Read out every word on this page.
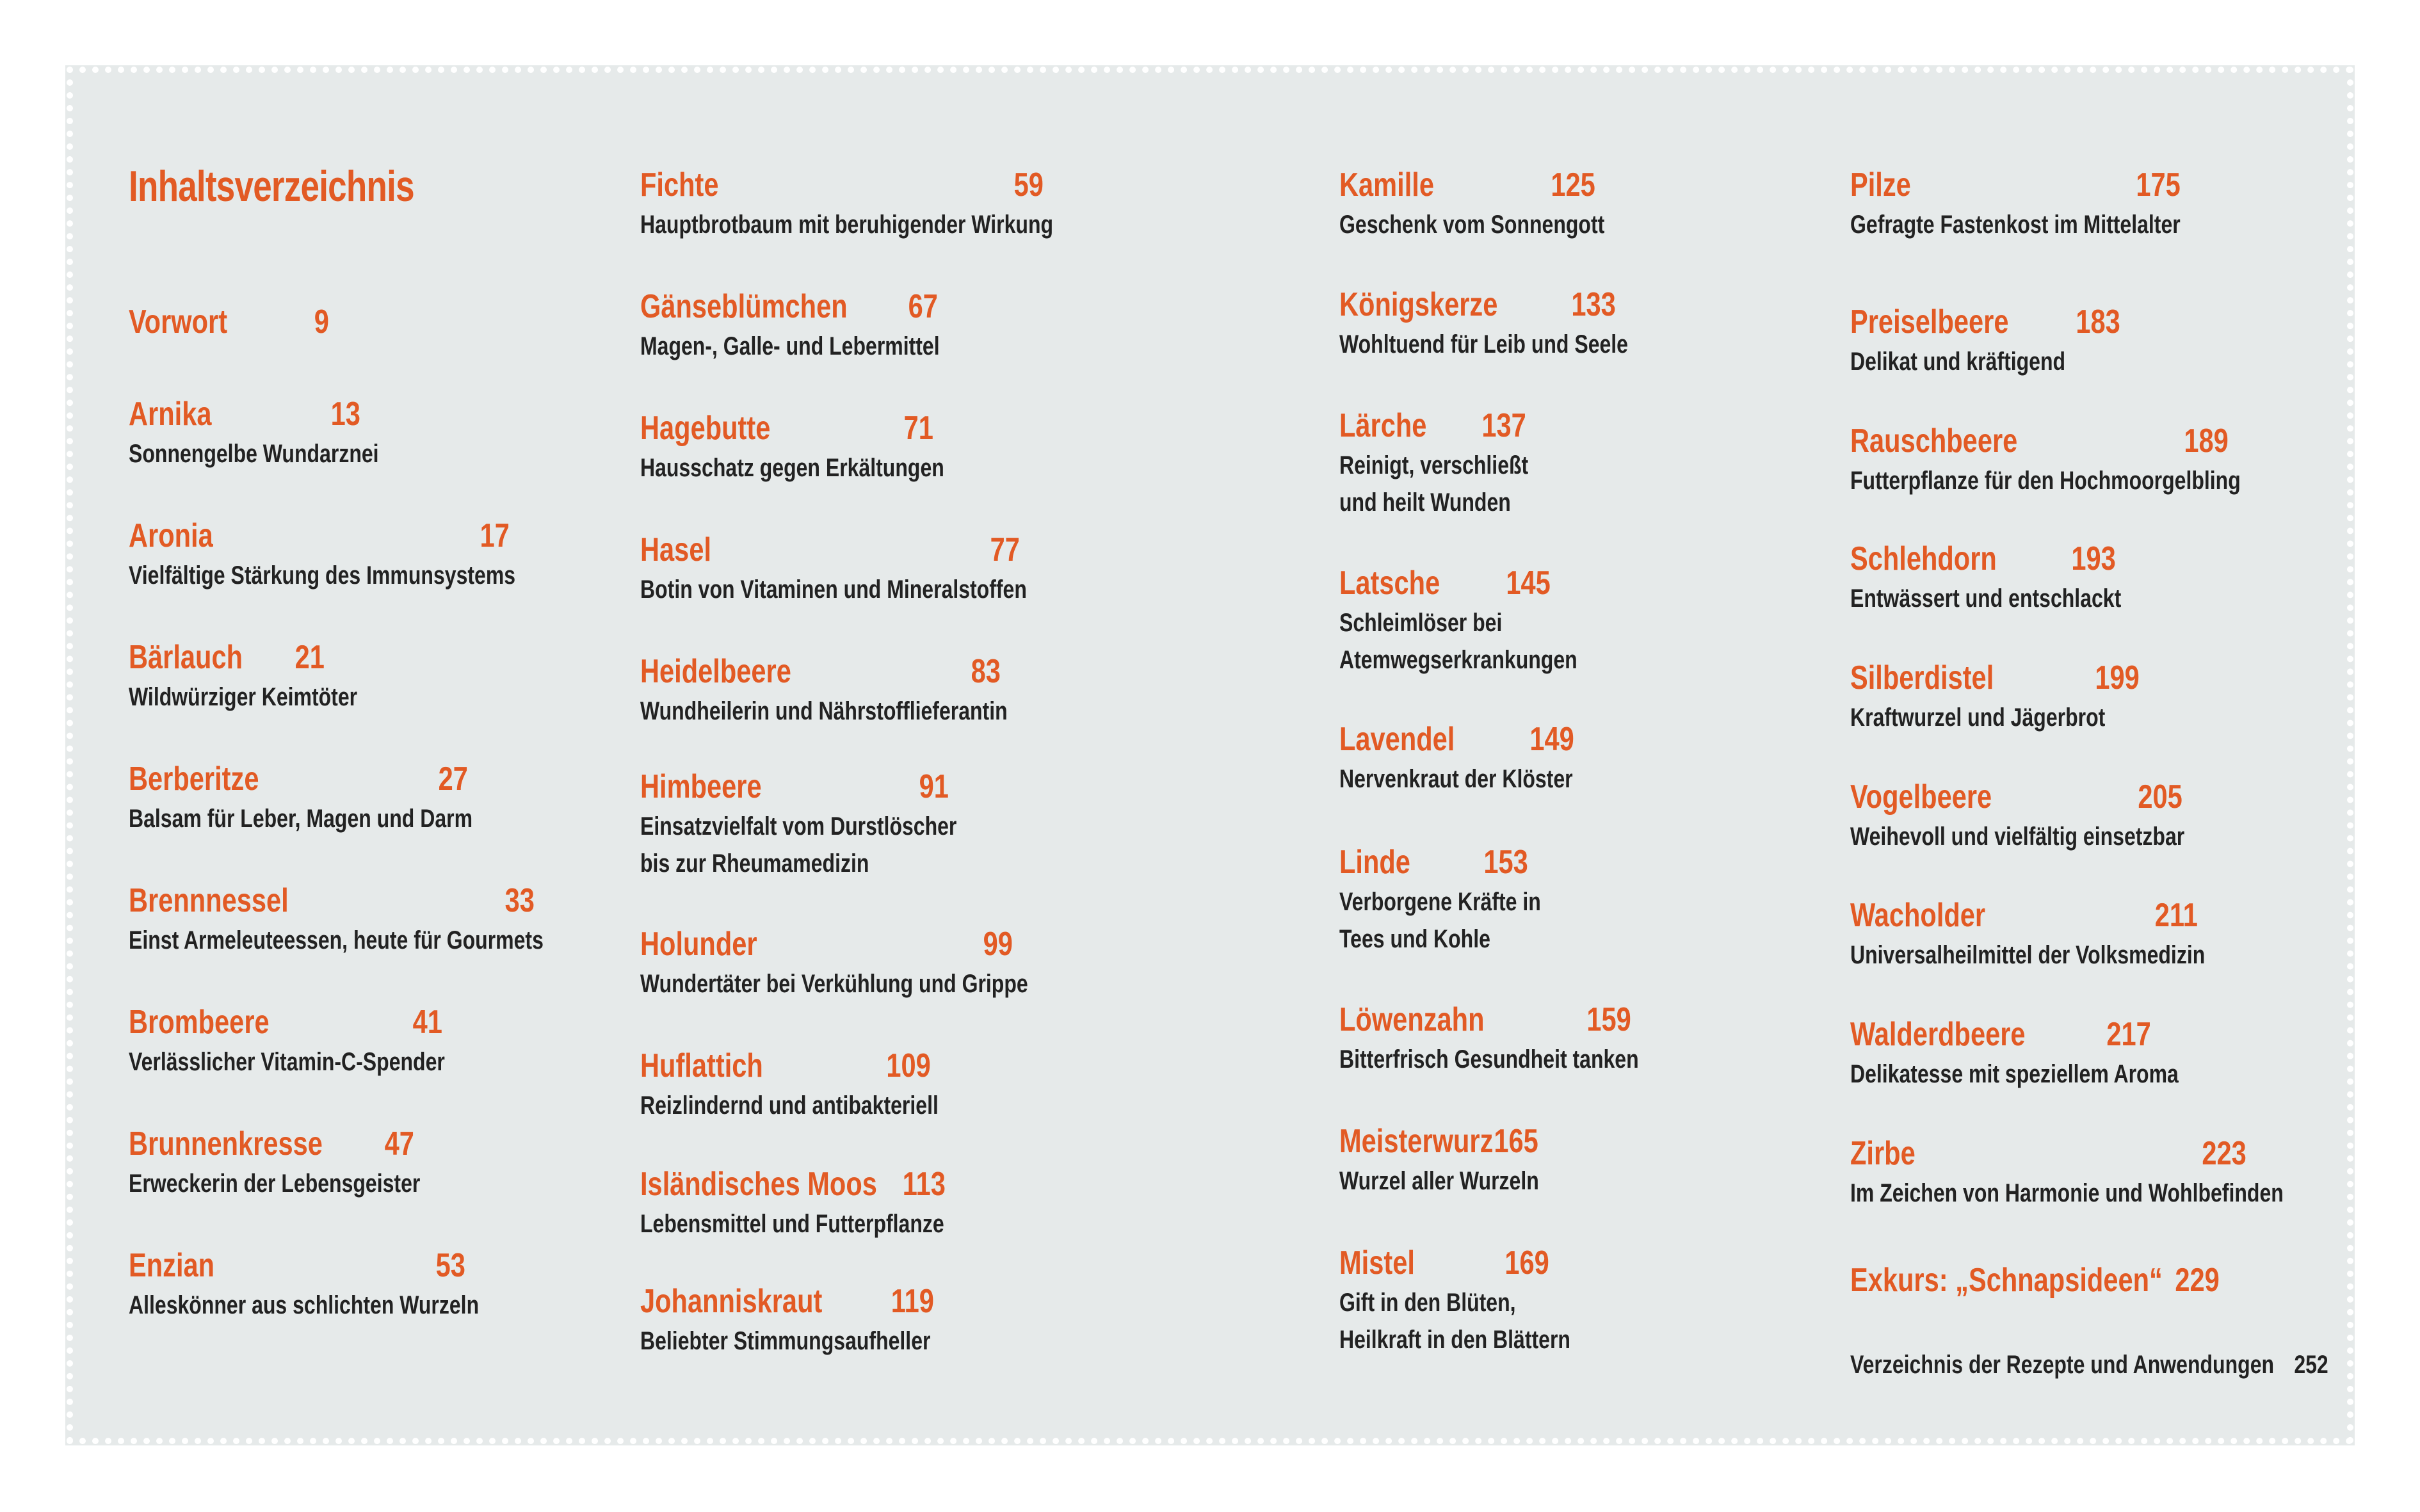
Inhaltsverzeichnis
Vorwort	9
Arnika	13
Sonnengelbe Wundarznei
Aronia	17
Vielfältige Stärkung des Immunsystems
Bärlauch 21
Wildwürziger Keimtöter
Berberitze	27
Balsam für Leber, Magen und Darm
Brennnessel	33
Einst Armeleuteessen, heute für Gourmets
Brombeere	41
Verlässlicher Vitamin-C-Spender
Brunnenkresse 47
Erweckerin der Lebensgeister
Enzian	53
Alleskönner aus schlichten Wurzeln
Fichte	59
Hauptbrotbaum mit beruhigender Wirkung
Gänseblümchen 67
Magen-, Galle- und Lebermittel
Hagebutte	71
Hausschatz gegen Erkältungen
Hasel	77
Botin von Vitaminen und Mineralstoffen
Heidelbeere	83
Wundheilerin und Nährstofflieferantin
Himbeere	91
Einsatzvielfalt vom Durstlöscher
bis zur Rheumamedizin
Holunder	99
Wundertäter bei Verkühlung und Grippe
Huflattich	109
Reizlindernd und antibakteriell
Isländisches Moos 113
Lebensmittel und Futterpflanze
Johanniskraut 119
Beliebter Stimmungsaufheller
Kamille	125
Geschenk vom Sonnengott
Königskerze 133
Wohltuend für Leib und Seele
Lärche 137
Reinigt, verschließt
und heilt Wunden
Latsche 145
Schleimlöser bei
Atemwegserkrankungen
Lavendel 149
Nervenkraut der Klöster
Linde 153
Verborgene Kräfte in
Tees und Kohle
Löwenzahn	159
Bitterfrisch Gesundheit tanken
Meisterwurz 165
Wurzel aller Wurzeln
Mistel	169
Gift in den Blüten,
Heilkraft in den Blättern
Pilze	175
Gefragte Fastenkost im Mittelalter
Preiselbeere 183
Delikat und kräftigend
Rauschbeere	189
Futterpflanze für den Hochmoorgelbling
Schlehdorn 193
Entwässert und entschlackt
Silberdistel	199
Kraftwurzel und Jägerbrot
Vogelbeere	205
Weihevoll und vielfältig einsetzbar
Wacholder	211
Universalheilmittel der Volksmedizin
Walderdbeere 217
Delikatesse mit speziellem Aroma
Zirbe	223
Im Zeichen von Harmonie und Wohlbefinden
Exkurs: „Schnapsideen“ 229
Verzeichnis der Rezepte und Anwendungen 252
